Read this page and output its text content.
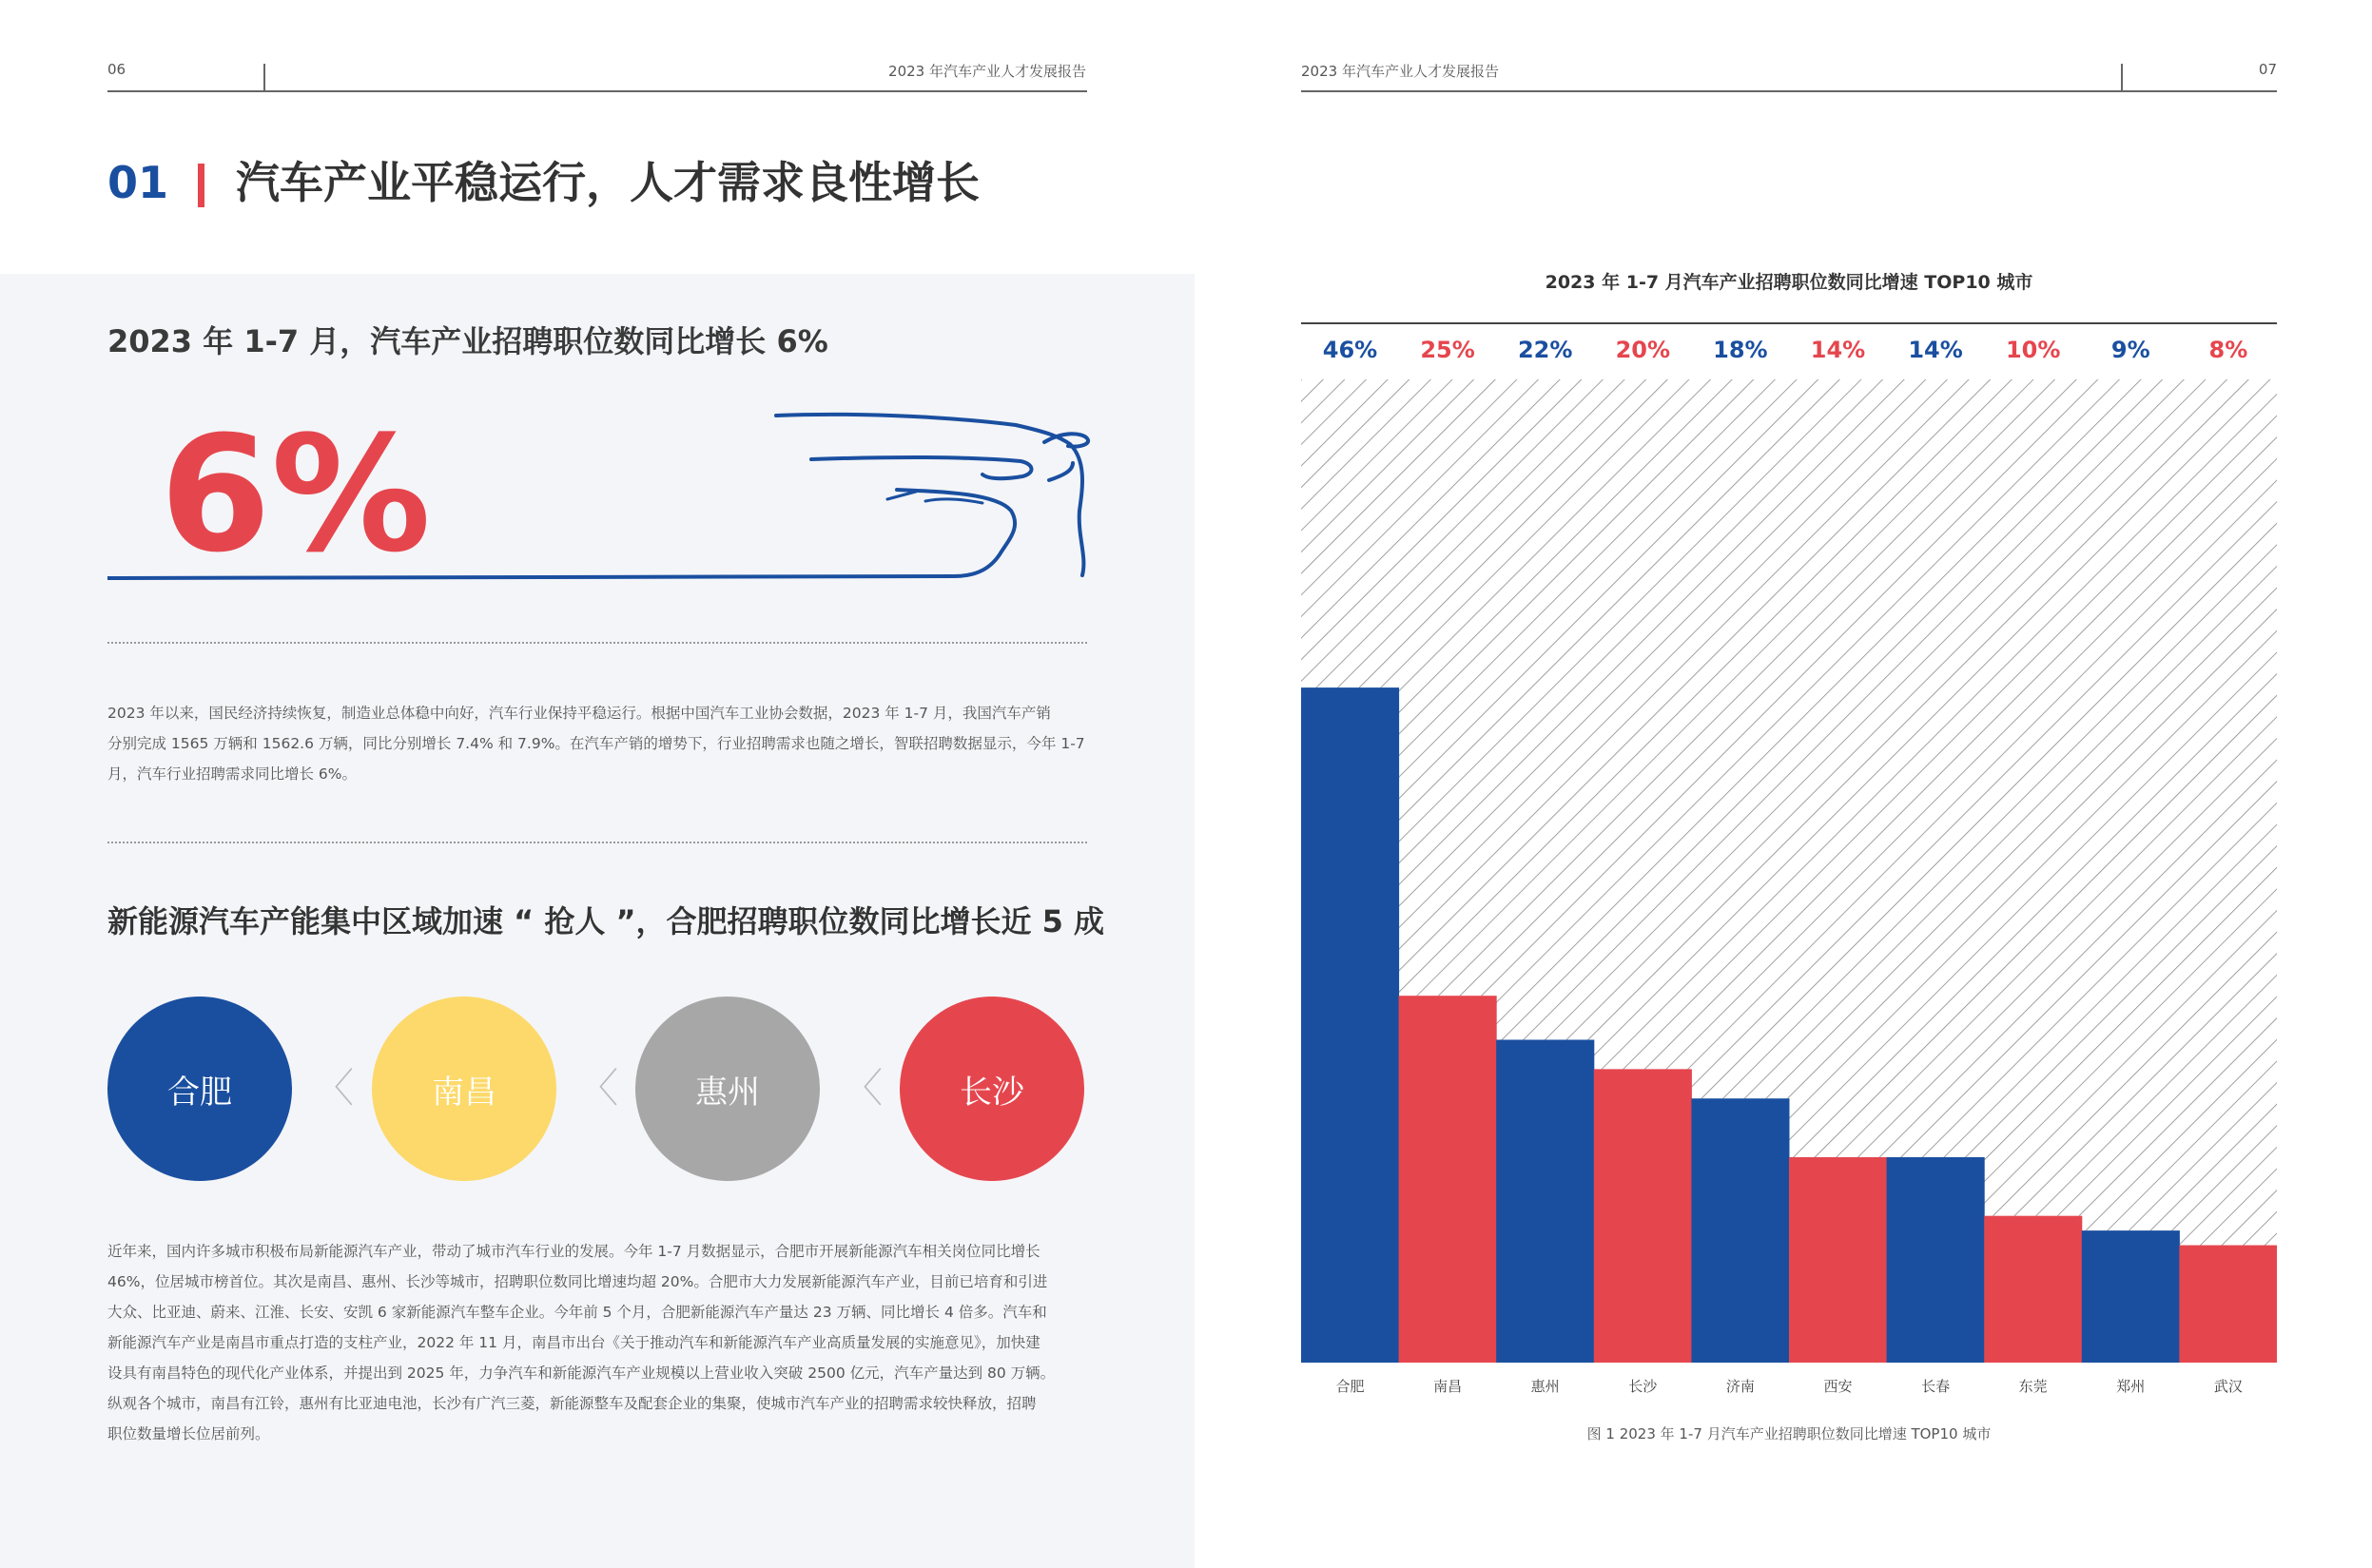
06	2023 年汽车产业人才发展报告
01 汽车产业平稳运行，人才需求良性增长
2023 年 1-7 月，汽车产业招聘职位数同比增长 6%
6%
2023 年以来，国民经济持续恢复，制造业总体稳中向好，汽车行业保持平稳运行。根据中国汽车工业协会数据，2023 年 1-7 月，我国汽车产销
分别完成 1565 万辆和 1562.6 万辆，同比分别增长 7.4% 和 7.9%。在汽车产销的增势下，行业招聘需求也随之增长，智联招聘数据显示，今年 1-7
月，汽车行业招聘需求同比增长 6%。
新能源汽车产能集中区域加速 “ 抢人 ”，合肥招聘职位数同比增长近 5 成
合肥 〈 南昌 〈 惠州 〈 长沙
近年来，国内许多城市积极布局新能源汽车产业，带动了城市汽车行业的发展。今年 1-7 月数据显示，合肥市开展新能源汽车相关岗位同比增长
46%，位居城市榜首位。其次是南昌、惠州、长沙等城市，招聘职位数同比增速均超 20%。合肥市大力发展新能源汽车产业，目前已培育和引进
大众、比亚迪、蔚来、江淮、长安、安凯 6 家新能源汽车整车企业。今年前 5 个月，合肥新能源汽车产量达 23 万辆、同比增长 4 倍多。汽车和
新能源汽车产业是南昌市重点打造的支柱产业，2022 年 11 月，南昌市出台《关于推动汽车和新能源汽车产业高质量发展的实施意见》，加快建
设具有南昌特色的现代化产业体系，并提出到 2025 年，力争汽车和新能源汽车产业规模以上营业收入突破 2500 亿元，汽车产量达到 80 万辆。
纵观各个城市，南昌有江铃，惠州有比亚迪电池，长沙有广汽三菱，新能源整车及配套企业的集聚，使城市汽车产业的招聘需求较快释放，招聘
职位数量增长位居前列。
2023 年汽车产业人才发展报告	07
2023 年 1-7 月汽车产业招聘职位数同比增速 TOP10 城市
46%	25%	22%	20%	18%	14%	14%	10%	9%	8%
合肥	南昌	惠州	长沙	济南	西安	长春	东莞	郑州	武汉
图 1 2023 年 1-7 月汽车产业招聘职位数同比增速 TOP10 城市
